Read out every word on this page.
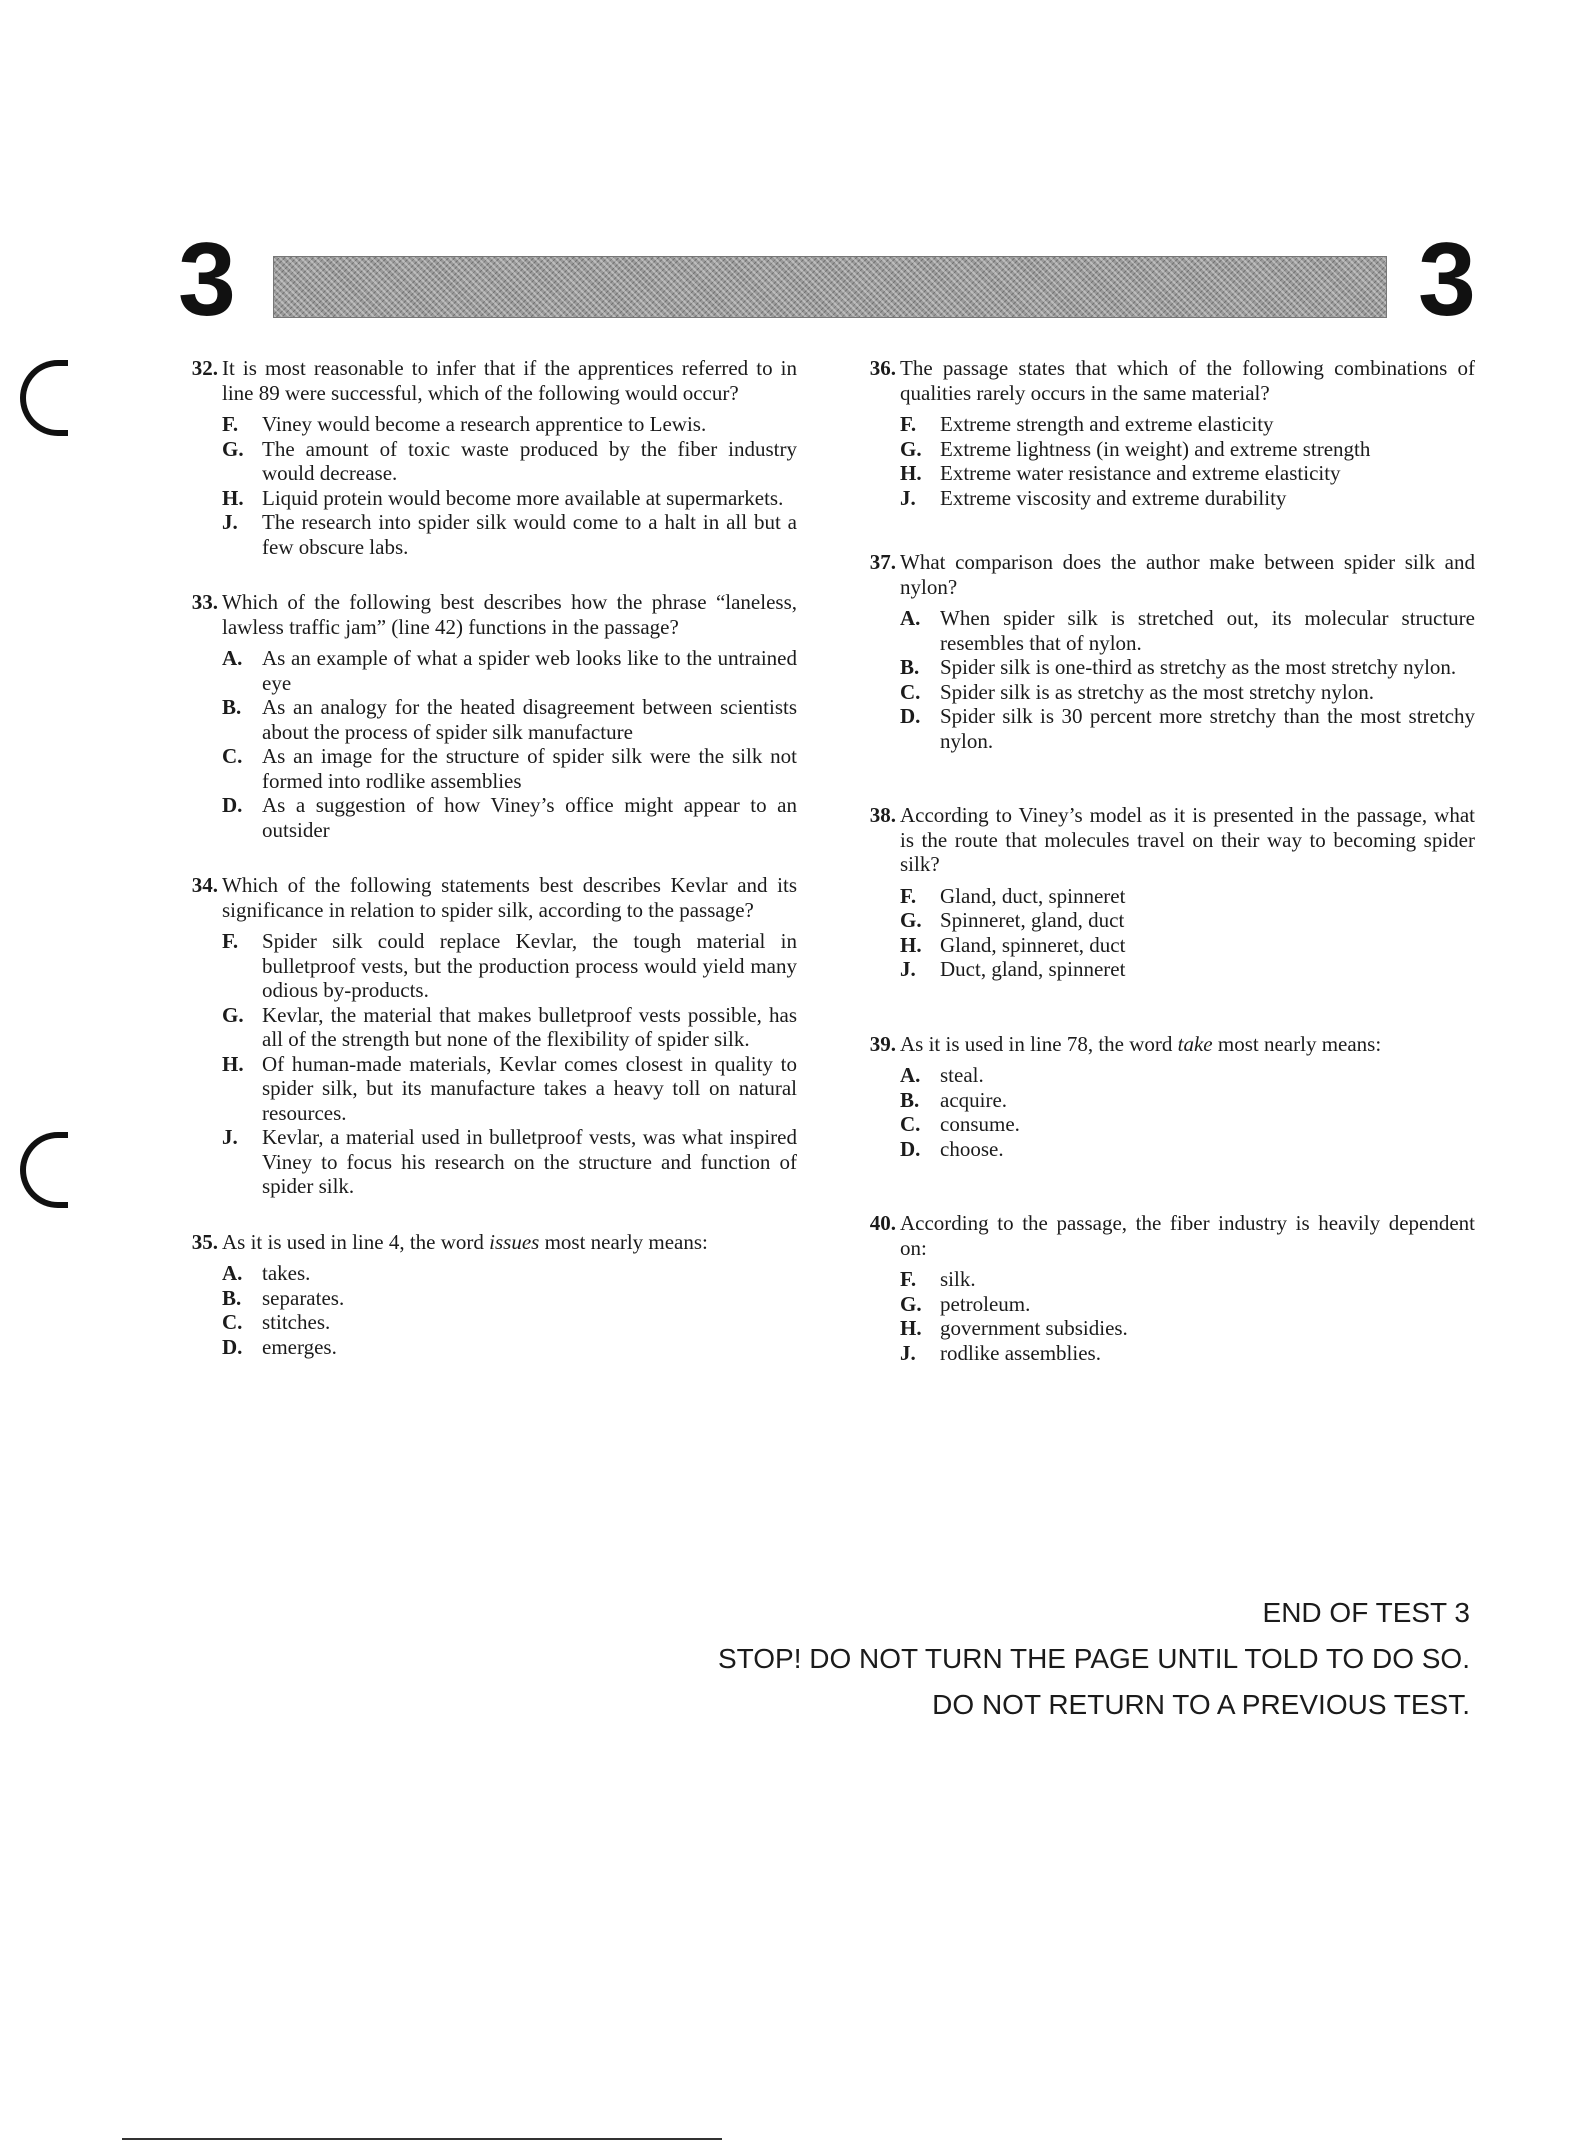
3	3
32. It is most reasonable to infer that if the apprentices referred to in line 89 were successful, which of the following would occur?
F. Viney would become a research apprentice to Lewis.
G. The amount of toxic waste produced by the fiber industry would decrease.
H. Liquid protein would become more available at supermarkets.
J. The research into spider silk would come to a halt in all but a few obscure labs.
33. Which of the following best describes how the phrase “laneless, lawless traffic jam” (line 42) functions in the passage?
A. As an example of what a spider web looks like to the untrained eye
B. As an analogy for the heated disagreement between scientists about the process of spider silk manufacture
C. As an image for the structure of spider silk were the silk not formed into rodlike assemblies
D. As a suggestion of how Viney’s office might appear to an outsider
34. Which of the following statements best describes Kevlar and its significance in relation to spider silk, according to the passage?
F. Spider silk could replace Kevlar, the tough material in bulletproof vests, but the production process would yield many odious by-products.
G. Kevlar, the material that makes bulletproof vests possible, has all of the strength but none of the flexibility of spider silk.
H. Of human-made materials, Kevlar comes closest in quality to spider silk, but its manufacture takes a heavy toll on natural resources.
J. Kevlar, a material used in bulletproof vests, was what inspired Viney to focus his research on the structure and function of spider silk.
35. As it is used in line 4, the word issues most nearly means:
A. takes.
B. separates.
C. stitches.
D. emerges.
36. The passage states that which of the following combinations of qualities rarely occurs in the same material?
F. Extreme strength and extreme elasticity
G. Extreme lightness (in weight) and extreme strength
H. Extreme water resistance and extreme elasticity
J. Extreme viscosity and extreme durability
37. What comparison does the author make between spider silk and nylon?
A. When spider silk is stretched out, its molecular structure resembles that of nylon.
B. Spider silk is one-third as stretchy as the most stretchy nylon.
C. Spider silk is as stretchy as the most stretchy nylon.
D. Spider silk is 30 percent more stretchy than the most stretchy nylon.
38. According to Viney’s model as it is presented in the passage, what is the route that molecules travel on their way to becoming spider silk?
F. Gland, duct, spinneret
G. Spinneret, gland, duct
H. Gland, spinneret, duct
J. Duct, gland, spinneret
39. As it is used in line 78, the word take most nearly means:
A. steal.
B. acquire.
C. consume.
D. choose.
40. According to the passage, the fiber industry is heavily dependent on:
F. silk.
G. petroleum.
H. government subsidies.
J. rodlike assemblies.
END OF TEST 3
STOP! DO NOT TURN THE PAGE UNTIL TOLD TO DO SO.
DO NOT RETURN TO A PREVIOUS TEST.
